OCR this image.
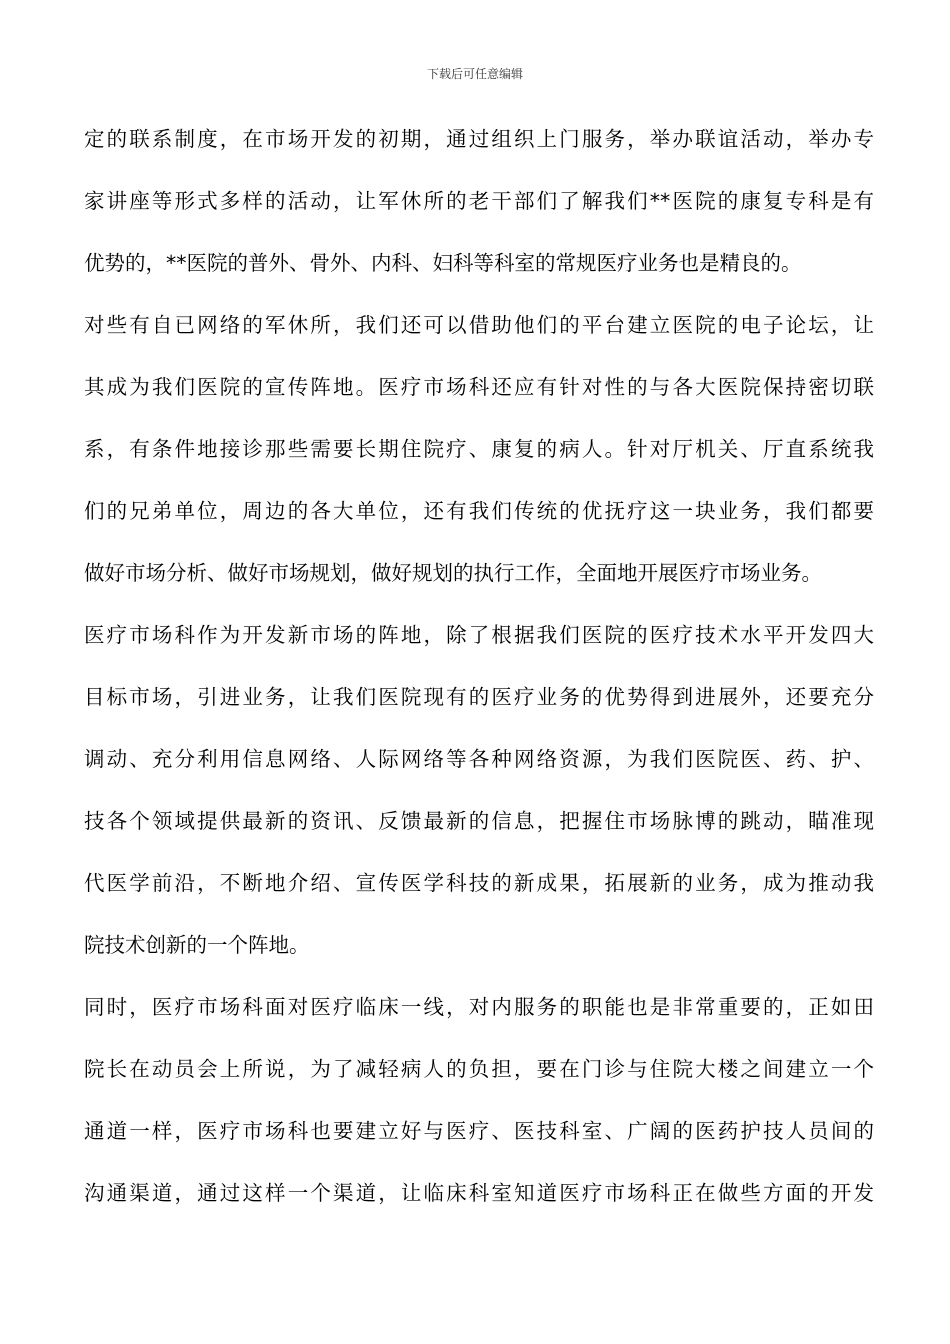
下载后可任意编辑
定的联系制度，在市场开发的初期，通过组织上门服务，举办联谊活动，举办专
家讲座等形式多样的活动，让军休所的老干部们了解我们**医院的康复专科是有
优势的，**医院的普外、骨外、内科、妇科等科室的常规医疗业务也是精良的。
对些有自已网络的军休所，我们还可以借助他们的平台建立医院的电子论坛，让
其成为我们医院的宣传阵地。医疗市场科还应有针对性的与各大医院保持密切联
系，有条件地接诊那些需要长期住院疗、康复的病人。针对厅机关、厅直系统我
们的兄弟单位，周边的各大单位，还有我们传统的优抚疗这一块业务，我们都要
做好市场分析、做好市场规划，做好规划的执行工作，全面地开展医疗市场业务。
医疗市场科作为开发新市场的阵地，除了根据我们医院的医疗技术水平开发四大
目标市场，引进业务，让我们医院现有的医疗业务的优势得到进展外，还要充分
调动、充分利用信息网络、人际网络等各种网络资源，为我们医院医、药、护、
技各个领域提供最新的资讯、反馈最新的信息，把握住市场脉博的跳动，瞄准现
代医学前沿，不断地介绍、宣传医学科技的新成果，拓展新的业务，成为推动我
院技术创新的一个阵地。
同时，医疗市场科面对医疗临床一线，对内服务的职能也是非常重要的，正如田
院长在动员会上所说，为了减轻病人的负担，要在门诊与住院大楼之间建立一个
通道一样，医疗市场科也要建立好与医疗、医技科室、广阔的医药护技人员间的
沟通渠道，通过这样一个渠道，让临床科室知道医疗市场科正在做些方面的开发
